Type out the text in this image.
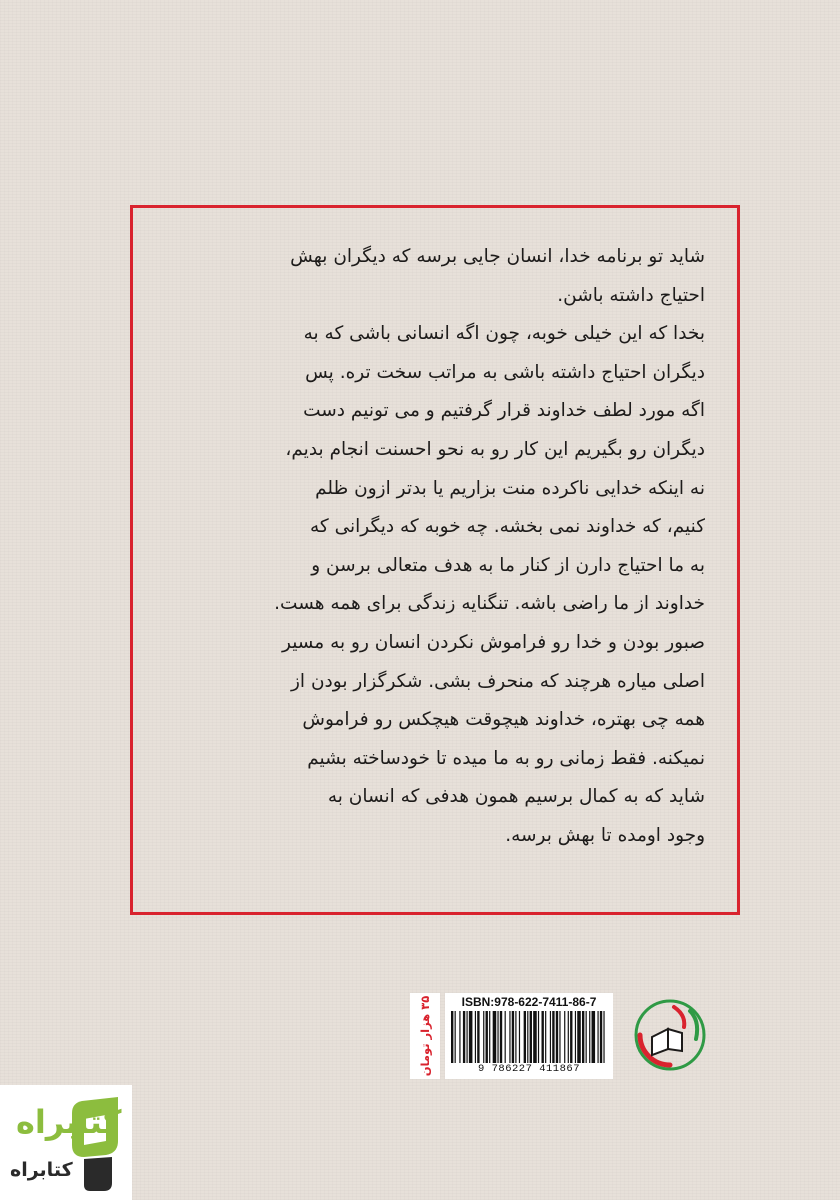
شاید تو برنامه خدا، انسان جایی برسه که دیگران بهش
احتیاج داشته باشن.
بخدا که این خیلی خوبه، چون اگه انسانی باشی که به
دیگران احتیاج داشته باشی به مراتب سخت تره. پس
اگه مورد لطف خداوند قرار گرفتیم و می تونیم دست
دیگران رو بگیریم این کار رو به نحو احسنت انجام بدیم،
نه اینکه خدایی ناکرده منت بزاریم یا بدتر ازون ظلم
کنیم، که خداوند نمی بخشه. چه خوبه که دیگرانی که
به ما احتیاج دارن از کنار ما به هدف متعالی برسن و
خداوند از ما راضی باشه. تنگنایه زندگی برای همه هست.
صبور بودن و خدا رو فراموش نکردن انسان رو به مسیر
اصلی میاره هرچند که منحرف بشی. شکرگزار بودن از
همه چی بهتره، خداوند هیچوقت هیچکس رو فراموش
نمیکنه. فقط زمانی رو به ما میده تا خودساخته بشیم
شاید که به کمال برسیم همون هدفی که انسان به
وجود اومده تا بهش برسه.
۳۵ هزار تومان	ISBN:978-622-7411-86-7
9 786227 411867
کتابراه
کتابراه
